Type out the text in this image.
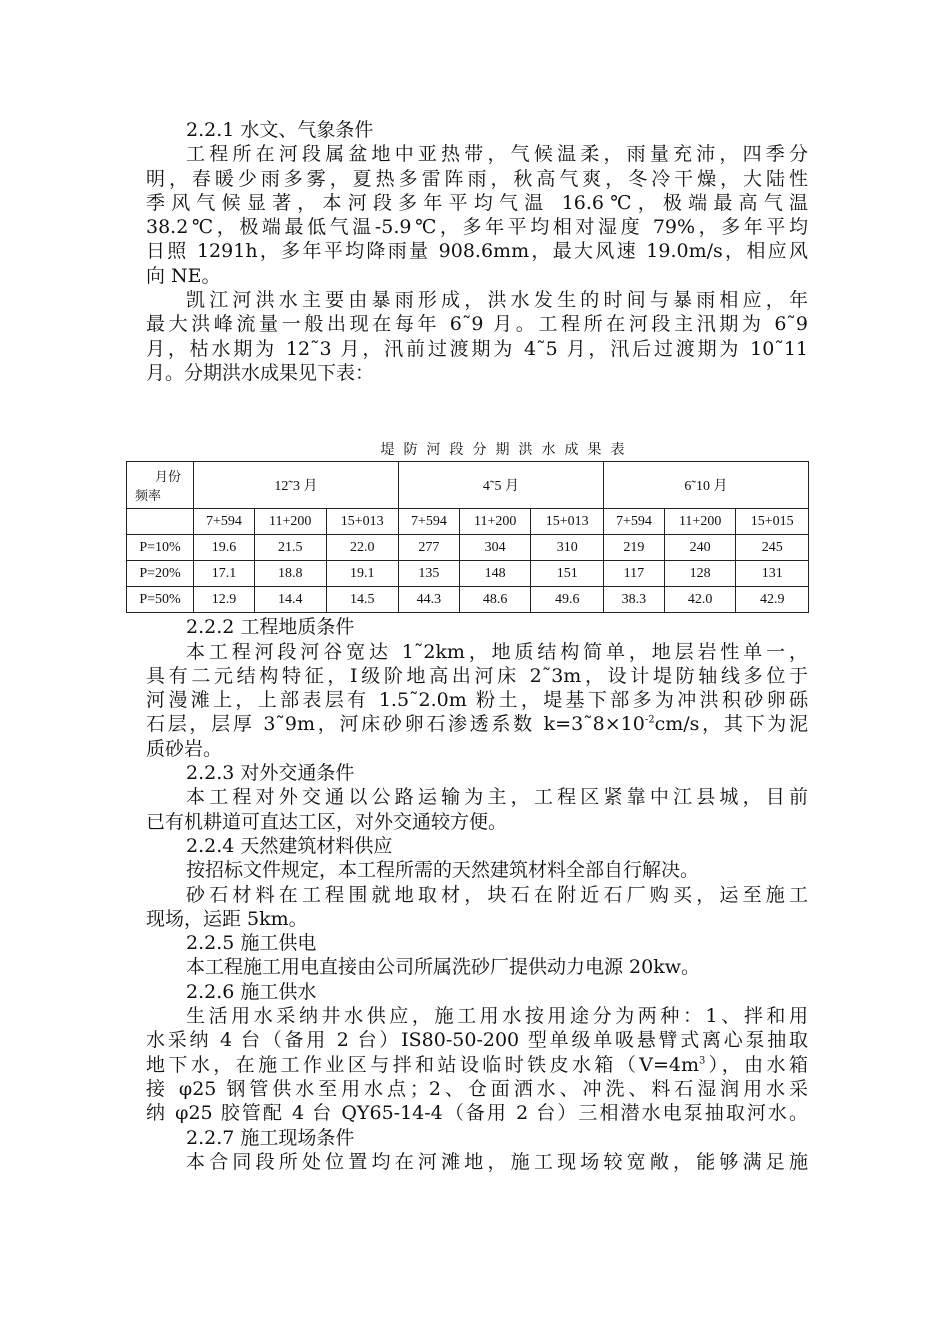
2.2.1 水文、气象条件
工程所在河段属盆地中亚热带，气候温柔，雨量充沛，四季分
明，春暖少雨多雾，夏热多雷阵雨，秋高气爽，冬冷干燥，大陆性
季风气候显著，本河段多年平均气温 16.6℃，极端最高气温
38.2℃，极端最低气温-5.9℃，多年平均相对湿度 79%，多年平均
日照 1291h，多年平均降雨量 908.6mm，最大风速 19.0m/s，相应风
向 NE。
凯江河洪水主要由暴雨形成，洪水发生的时间与暴雨相应，年
最大洪峰流量一般出现在每年 6˜9 月。工程所在河段主汛期为 6˜9
月，枯水期为 12˜3 月，汛前过渡期为 4˜5 月，汛后过渡期为 10˜11
月。分期洪水成果见下表：
堤防河段分期洪水成果表
月份
频率	12˜3 月			4˜5 月			6˜10 月		
	7+594	11+200	15+013	7+594	11+200	15+013	7+594	11+200	15+015
P=10%	19.6	21.5	22.0	277	304	310	219	240	245
P=20%	17.1	18.8	19.1	135	148	151	117	128	131
P=50%	12.9	14.4	14.5	44.3	48.6	49.6	38.3	42.0	42.9
2.2.2 工程地质条件
本工程河段河谷宽达 1˜2km，地质结构简单，地层岩性单一，
具有二元结构特征，Ⅰ级阶地高出河床 2˜3m，设计堤防轴线多位于
河漫滩上，上部表层有 1.5˜2.0m 粉土，堤基下部多为冲洪积砂卵砾
石层，层厚 3˜9m，河床砂卵石渗透系数 $k=3˜8\times 10^{-2}cm/s$，其下为泥
质砂岩。
2.2.3 对外交通条件
本工程对外交通以公路运输为主，工程区紧靠中江县城，目前
已有机耕道可直达工区，对外交通较方便。
2.2.4 天然建筑材料供应
按招标文件规定，本工程所需的天然建筑材料全部自行解决。
砂石材料在工程围就地取材，块石在附近石厂购买，运至施工
现场，运距 5km。
2.2.5 施工供电
本工程施工用电直接由公司所属洗砂厂提供动力电源 20kw。
2.2.6 施工供水
生活用水采纳井水供应，施工用水按用途分为两种：1、拌和用
水采纳 4 台（备用 2 台）IS80-50-200 型单级单吸悬臂式离心泵抽取
地下水，在施工作业区与拌和站设临时铁皮水箱$(V=4m^3)$，由水箱
接 φ25 钢管供水至用水点；2、仓面洒水、冲洗、料石湿润用水采
纳 φ25 胶管配 4 台 QY65-14-4（备用 2 台）三相潜水电泵抽取河水。
2.2.7 施工现场条件
本合同段所处位置均在河滩地，施工现场较宽敞，能够满足施
